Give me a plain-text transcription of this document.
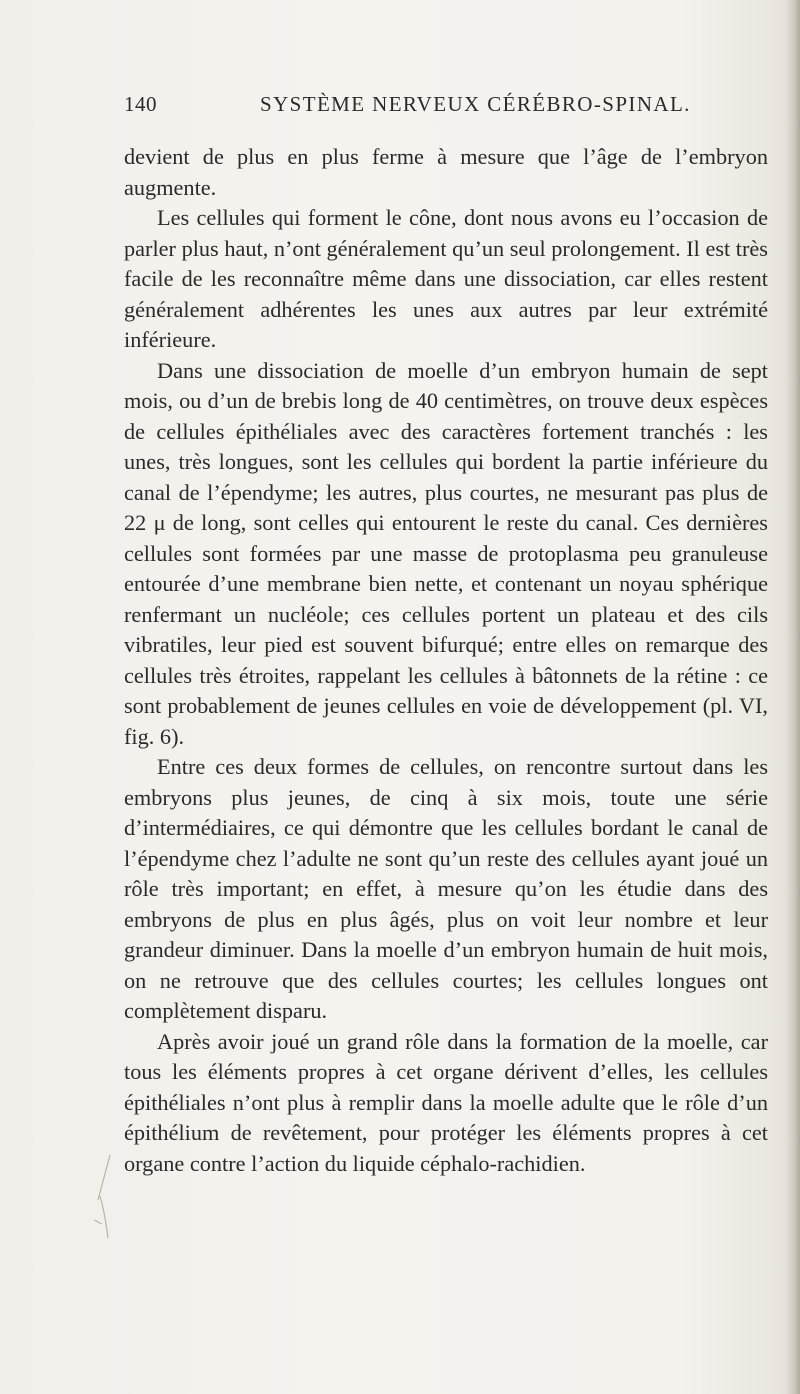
140	SYSTÈME NERVEUX CÉRÉBRO-SPINAL.

devient de plus en plus ferme à mesure que l’âge de l’embryon augmente.

Les cellules qui forment le cône, dont nous avons eu l’occasion de parler plus haut, n’ont généralement qu’un seul prolongement. Il est très facile de les reconnaître même dans une dissociation, car elles restent généralement adhérentes les unes aux autres par leur extrémité inférieure.

Dans une dissociation de moelle d’un embryon humain de sept mois, ou d’un de brebis long de 40 centimètres, on trouve deux espèces de cellules épithéliales avec des caractères fortement tranchés : les unes, très longues, sont les cellules qui bordent la partie inférieure du canal de l’épendyme; les autres, plus courtes, ne mesurant pas plus de 22 μ de long, sont celles qui entourent le reste du canal. Ces dernières cellules sont formées par une masse de protoplasma peu granuleuse entourée d’une membrane bien nette, et contenant un noyau sphérique renfermant un nucléole; ces cellules portent un plateau et des cils vibratiles, leur pied est souvent bifurqué; entre elles on remarque des cellules très étroites, rappelant les cellules à bâtonnets de la rétine : ce sont probablement de jeunes cellules en voie de développement (pl. VI, fig. 6).

Entre ces deux formes de cellules, on rencontre surtout dans les embryons plus jeunes, de cinq à six mois, toute une série d’intermédiaires, ce qui démontre que les cellules bordant le canal de l’épendyme chez l’adulte ne sont qu’un reste des cellules ayant joué un rôle très important; en effet, à mesure qu’on les étudie dans des embryons de plus en plus âgés, plus on voit leur nombre et leur grandeur diminuer. Dans la moelle d’un embryon humain de huit mois, on ne retrouve que des cellules courtes; les cellules longues ont complètement disparu.

Après avoir joué un grand rôle dans la formation de la moelle, car tous les éléments propres à cet organe dérivent d’elles, les cellules épithéliales n’ont plus à remplir dans la moelle adulte que le rôle d’un épithélium de revêtement, pour protéger les éléments propres à cet organe contre l’action du liquide céphalo-rachidien.
